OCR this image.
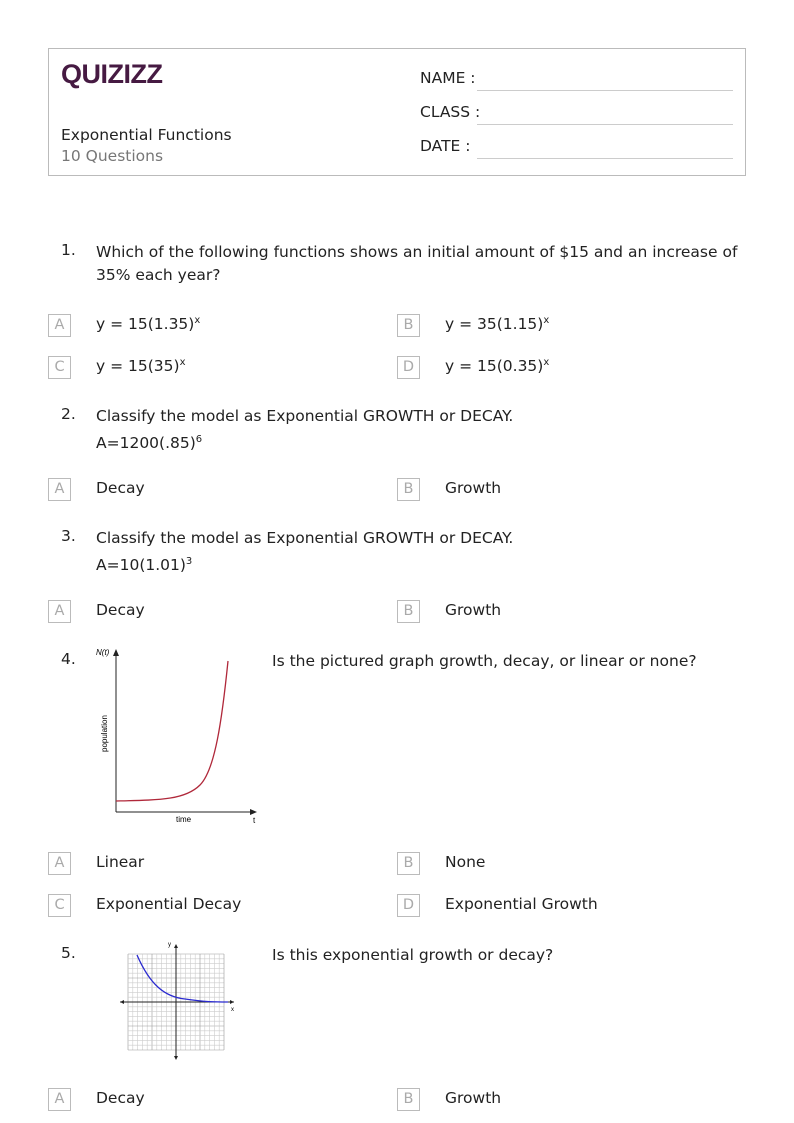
QUIZIZZ
Exponential Functions
10 Questions
NAME :
CLASS :
DATE :
1. Which of the following functions shows an initial amount of $15 and an increase of 35% each year?
A	$y = 15(1.35)^x$	B	$y = 35(1.15)^x$
C	$y = 15(35)^x$	D	$y = 15(0.35)^x$
2. Classify the model as Exponential GROWTH or DECAY.
$A=1200(.85)^6$
A	Decay	B	Growth
3. Classify the model as Exponential GROWTH or DECAY.
$A=10(1.01)^3$
A	Decay	B	Growth
4.	Is the pictured graph growth, decay, or linear or none?
N(t)
t
time
population
A	Linear	B	None
C	Exponential Decay	D	Exponential Growth
5.	Is this exponential growth or decay?
y
x
A	Decay	B	Growth
